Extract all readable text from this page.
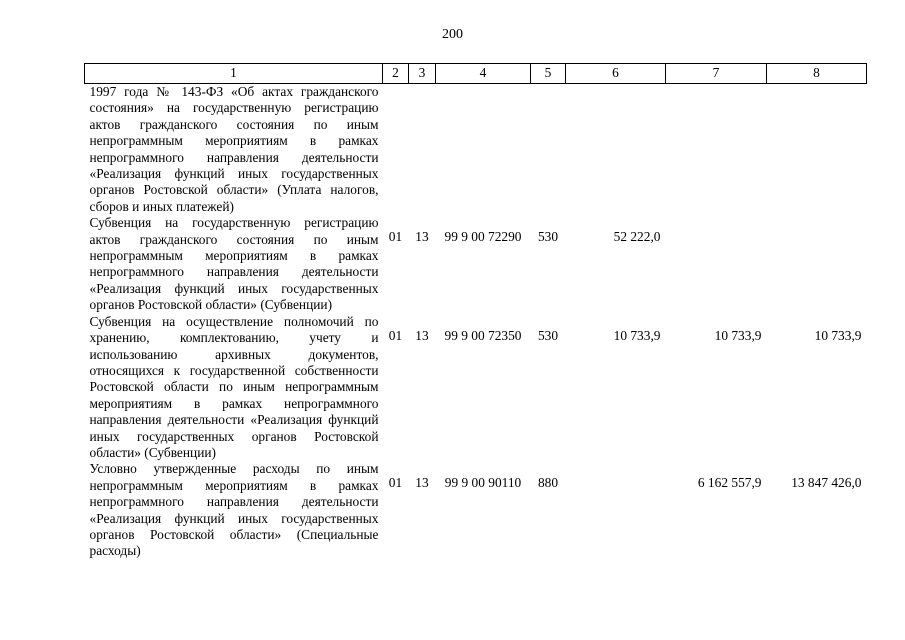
200
1	2	3	4	5	6	7	8
1997 года № 143-ФЗ «Об актах гражданского состояния» на государственную регистрацию актов гражданского состояния по иным непрограммным мероприятиям в рамках непрограммного направления деятельности «Реализация функций иных государственных органов Ростовской области» (Уплата налогов, сборов и иных платежей)							
Субвенция на государственную регистрацию актов гражданского состояния по иным непрограммным мероприятиям в рамках непрограммного направления деятельности «Реализация функций иных государственных органов Ростовской области» (Субвенции)	01	13	99 9 00 72290	530	52 222,0		
Субвенция на осуществление полномочий по хранению, комплектованию, учету и использованию архивных документов, относящихся к государственной собственности Ростовской области по иным непрограммным мероприятиям в рамках непрограммного направления деятельности «Реализация функций иных государственных органов Ростовской области» (Субвенции)	01	13	99 9 00 72350	530	10 733,9	10 733,9	10 733,9
Условно утвержденные расходы по иным непрограммным мероприятиям в рамках непрограммного направления деятельности «Реализация функций иных государственных органов Ростовской области» (Специальные расходы)	01	13	99 9 00 90110	880		6 162 557,9	13 847 426,0
